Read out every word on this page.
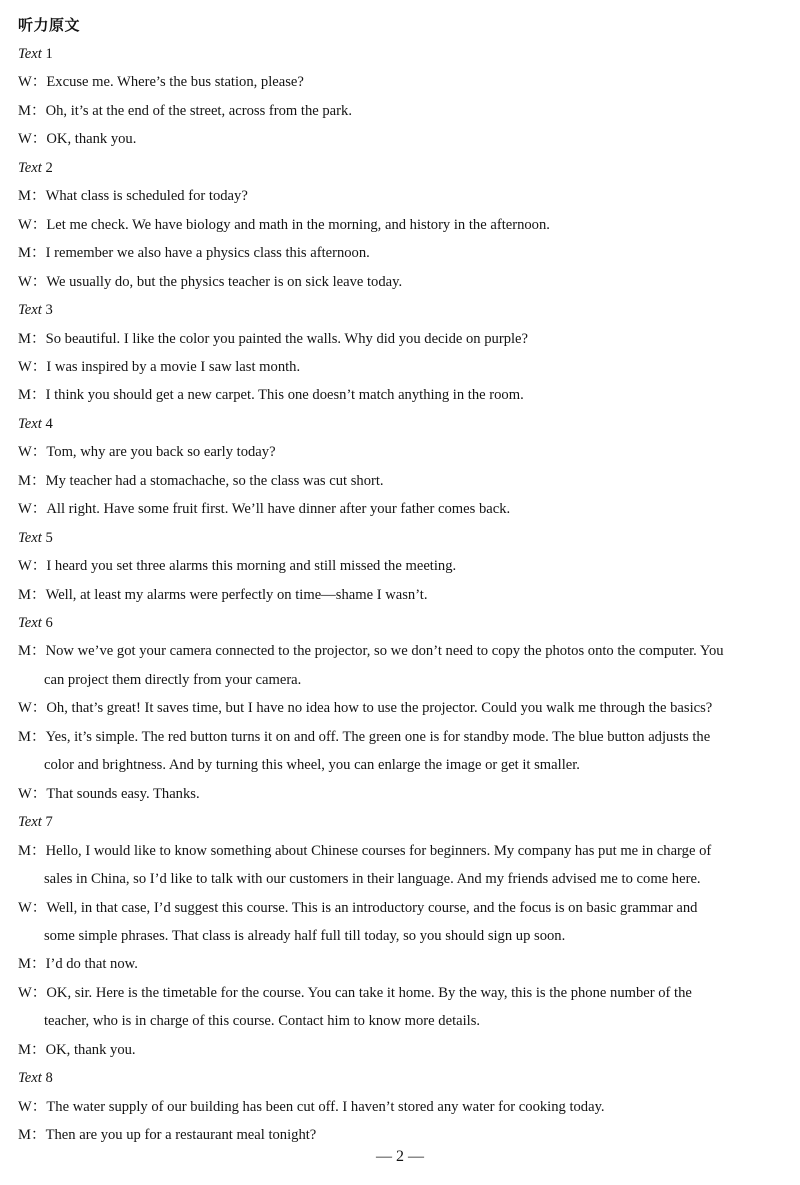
听力原文
Text 1
W：Excuse me. Where’s the bus station, please?
M：Oh, it’s at the end of the street, across from the park.
W：OK, thank you.
Text 2
M：What class is scheduled for today?
W：Let me check. We have biology and math in the morning, and history in the afternoon.
M：I remember we also have a physics class this afternoon.
W：We usually do, but the physics teacher is on sick leave today.
Text 3
M：So beautiful. I like the color you painted the walls. Why did you decide on purple?
W：I was inspired by a movie I saw last month.
M：I think you should get a new carpet. This one doesn’t match anything in the room.
Text 4
W：Tom, why are you back so early today?
M：My teacher had a stomachache, so the class was cut short.
W：All right. Have some fruit first. We’ll have dinner after your father comes back.
Text 5
W：I heard you set three alarms this morning and still missed the meeting.
M：Well, at least my alarms were perfectly on time—shame I wasn’t.
Text 6
M：Now we’ve got your camera connected to the projector, so we don’t need to copy the photos onto the computer. You
can project them directly from your camera.
W：Oh, that’s great! It saves time, but I have no idea how to use the projector. Could you walk me through the basics?
M：Yes, it’s simple. The red button turns it on and off. The green one is for standby mode. The blue button adjusts the
color and brightness. And by turning this wheel, you can enlarge the image or get it smaller.
W：That sounds easy. Thanks.
Text 7
M：Hello, I would like to know something about Chinese courses for beginners. My company has put me in charge of
sales in China, so I’d like to talk with our customers in their language. And my friends advised me to come here.
W：Well, in that case, I’d suggest this course. This is an introductory course, and the focus is on basic grammar and
some simple phrases. That class is already half full till today, so you should sign up soon.
M：I’d do that now.
W：OK, sir. Here is the timetable for the course. You can take it home. By the way, this is the phone number of the
teacher, who is in charge of this course. Contact him to know more details.
M：OK, thank you.
Text 8
W：The water supply of our building has been cut off. I haven’t stored any water for cooking today.
M：Then are you up for a restaurant meal tonight?
— 2 —
